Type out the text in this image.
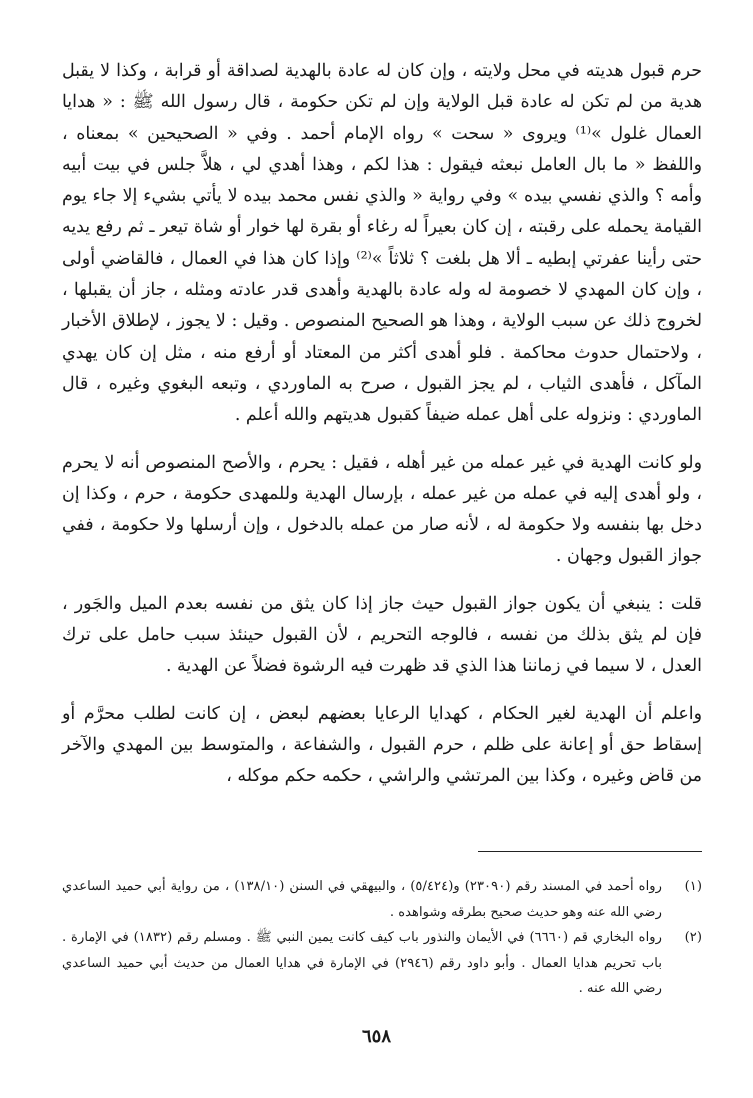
حرم قبول هديته في محل ولايته ، وإن كان له عادة بالهدية لصداقة أو قرابة ، وكذا لا يقبل هدية من لم تكن له عادة قبل الولاية وإن لم تكن حكومة ، قال رسول الله ﷺ : « هدايا العمال غلول »⁽¹⁾ ويروى « سحت » رواه الإمام أحمد . وفي « الصحيحين » بمعناه ، واللفظ « ما بال العامل نبعثه فيقول : هذا لكم ، وهذا أهدي لي ، هلاَّ جلس في بيت أبيه وأمه ؟ والذي نفسي بيده » وفي رواية « والذي نفس محمد بيده لا يأتي بشيء إلا جاء يوم القيامة يحمله على رقبته ، إن كان بعيراً له رغاء أو بقرة لها خوار أو شاة تيعر ـ ثم رفع يديه حتى رأينا عفرتي إبطيه ـ ألا هل بلغت ؟ ثلاثاً »⁽²⁾ وإذا كان هذا في العمال ، فالقاضي أولى ، وإن كان المهدي لا خصومة له وله عادة بالهدية وأهدى قدر عادته ومثله ، جاز أن يقبلها ، لخروج ذلك عن سبب الولاية ، وهذا هو الصحيح المنصوص . وقيل : لا يجوز ، لإطلاق الأخبار ، ولاحتمال حدوث محاكمة . فلو أهدى أكثر من المعتاد أو أرفع منه ، مثل إن كان يهدي المآكل ، فأهدى الثياب ، لم يجز القبول ، صرح به الماوردي ، وتبعه البغوي وغيره ، قال الماوردي : ونزوله على أهل عمله ضيفاً كقبول هديتهم والله أعلم .

ولو كانت الهدية في غير عمله من غير أهله ، فقيل : يحرم ، والأصح المنصوص أنه لا يحرم ، ولو أهدى إليه في عمله من غير عمله ، بإرسال الهدية وللمهدى حكومة ، حرم ، وكذا إن دخل بها بنفسه ولا حكومة له ، لأنه صار من عمله بالدخول ، وإن أرسلها ولا حكومة ، ففي جواز القبول وجهان .

قلت : ينبغي أن يكون جواز القبول حيث جاز إذا كان يثق من نفسه بعدم الميل والجَور ، فإن لم يثق بذلك من نفسه ، فالوجه التحريم ، لأن القبول حينئذ سبب حامل على ترك العدل ، لا سيما في زماننا هذا الذي قد ظهرت فيه الرشوة فضلاً عن الهدية .

واعلم أن الهدية لغير الحكام ، كهدايا الرعايا بعضهم لبعض ، إن كانت لطلب محرَّم أو إسقاط حق أو إعانة على ظلم ، حرم القبول ، والشفاعة ، والمتوسط بين المهدي والآخر من قاض وغيره ، وكذا بين المرتشي والراشي ، حكمه حكم موكله ،

(١)
رواه أحمد في المسند رقم (٢٣٠٩٠) و(٥/٤٢٤) ، والبيهقي في السنن (١٣٨/١٠) ، من رواية أبي حميد الساعدي رضي الله عنه وهو حديث صحيح بطرقه وشواهده .
(٢)
رواه البخاري قم (٦٦٦٠) في الأيمان والنذور باب كيف كانت يمين النبي ﷺ . ومسلم رقم (١٨٣٢) في الإمارة . باب تحريم هدايا العمال . وأبو داود رقم (٢٩٤٦) في الإمارة في هدايا العمال من حديث أبي حميد الساعدي رضي الله عنه .
٦٥٨
